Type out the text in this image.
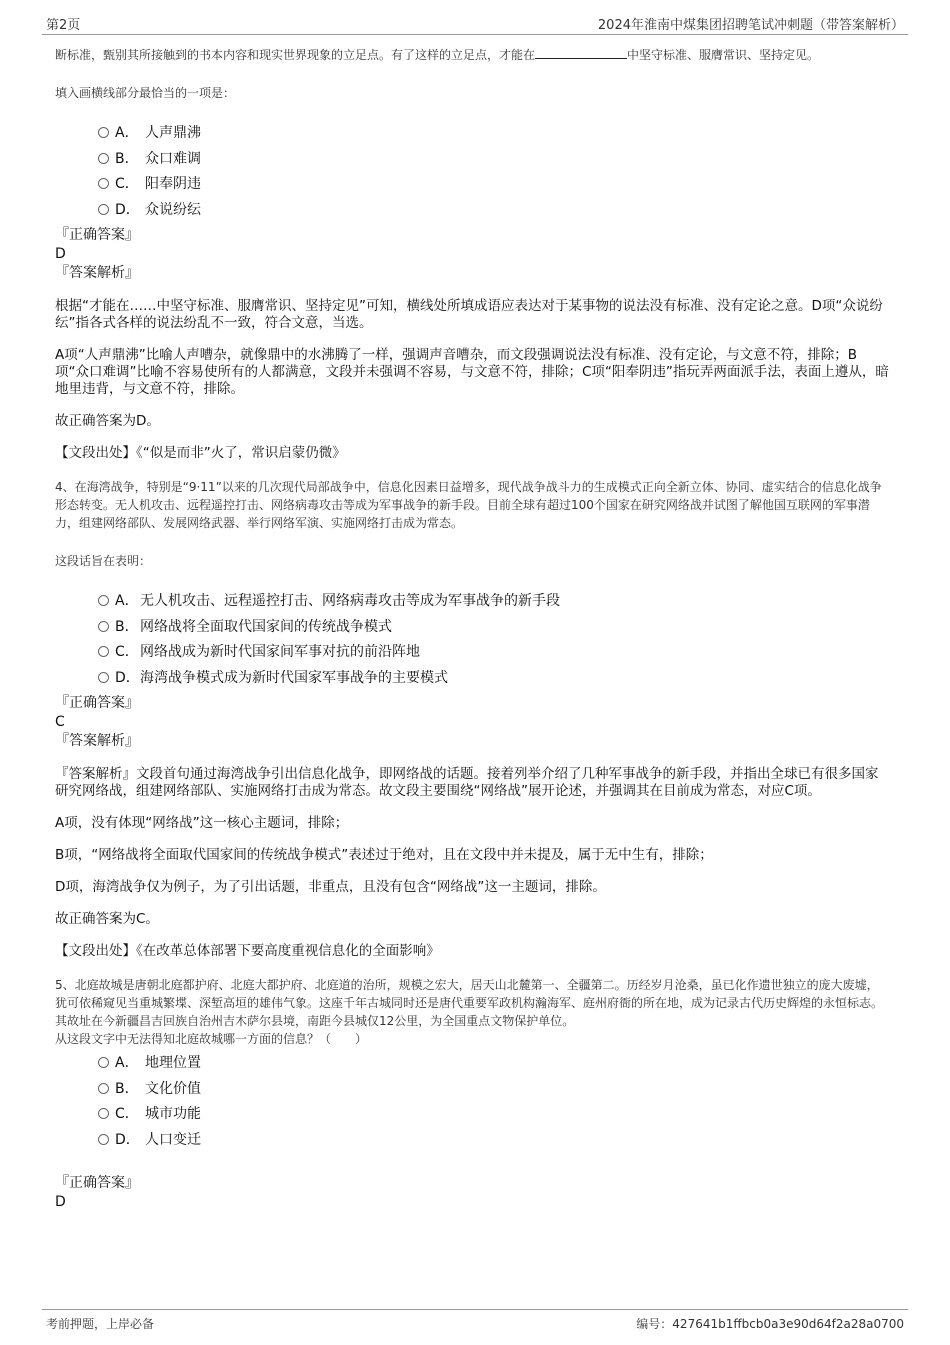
第2页	2024年淮南中煤集团招聘笔试冲刺题（带答案解析）

断标准，甄别其所接触到的书本内容和现实世界现象的立足点。有了这样的立足点，才能在	中坚守标准、服膺常识、坚持定见。

填入画横线部分最恰当的一项是：

A． 人声鼎沸
B． 众口难调
C． 阳奉阴违
D． 众说纷纭

『正确答案』

D

『答案解析』

根据“才能在……中坚守标准、服膺常识、坚持定见”可知，横线处所填成语应表达对于某事物的说法没有标准、没有定论之意。D项“众说纷纭”指各式各样的说法纷乱不一致，符合文意，当选。

A项“人声鼎沸”比喻人声嘈杂，就像鼎中的水沸腾了一样，强调声音嘈杂，而文段强调说法没有标准、没有定论，与文意不符，排除；B项“众口难调”比喻不容易使所有的人都满意，文段并未强调不容易，与文意不符，排除；C项“阳奉阴违”指玩弄两面派手法，表面上遵从，暗地里违背，与文意不符，排除。

故正确答案为D。

【文段出处】《“似是而非”火了，常识启蒙仍微》

4、在海湾战争，特别是“9·11”以来的几次现代局部战争中，信息化因素日益增多，现代战争战斗力的生成模式正向全新立体、协同、虚实结合的信息化战争形态转变。无人机攻击、远程遥控打击、网络病毒攻击等成为军事战争的新手段。目前全球有超过100个国家在研究网络战并试图了解他国互联网的军事潜力，组建网络部队、发展网络武器、举行网络军演、实施网络打击成为常态。

这段话旨在表明：

A． 无人机攻击、远程遥控打击、网络病毒攻击等成为军事战争的新手段
B． 网络战将全面取代国家间的传统战争模式
C． 网络战成为新时代国家间军事对抗的前沿阵地
D． 海湾战争模式成为新时代国家军事战争的主要模式

『正确答案』

C

『答案解析』

『答案解析』文段首句通过海湾战争引出信息化战争，即网络战的话题。接着列举介绍了几种军事战争的新手段，并指出全球已有很多国家研究网络战，组建网络部队、实施网络打击成为常态。故文段主要围绕“网络战”展开论述，并强调其在目前成为常态，对应C项。

A项，没有体现“网络战”这一核心主题词，排除；

B项，“网络战将全面取代国家间的传统战争模式”表述过于绝对，且在文段中并未提及，属于无中生有，排除；

D项，海湾战争仅为例子，为了引出话题，非重点，且没有包含“网络战”这一主题词，排除。

故正确答案为C。

【文段出处】《在改革总体部署下要高度重视信息化的全面影响》

5、北庭故城是唐朝北庭都护府、北庭大都护府、北庭道的治所，规模之宏大，居天山北麓第一、全疆第二。历经岁月沧桑，虽已化作遗世独立的庞大废墟，犹可依稀窥见当重城繁堞、深堑高垣的雄伟气象。这座千年古城同时还是唐代重要军政机构瀚海军、庭州府衙的所在地，成为记录古代历史辉煌的永恒标志。其故址在今新疆昌吉回族自治州吉木萨尔县境，南距今县城仅12公里，为全国重点文物保护单位。

从这段文字中无法得知北庭故城哪一方面的信息？（　　）

A． 地理位置
B． 文化价值
C． 城市功能
D． 人口变迁

『正确答案』

D

考前押题，上岸必备	编号：427641b1ffbcb0a3e90d64f2a28a0700
